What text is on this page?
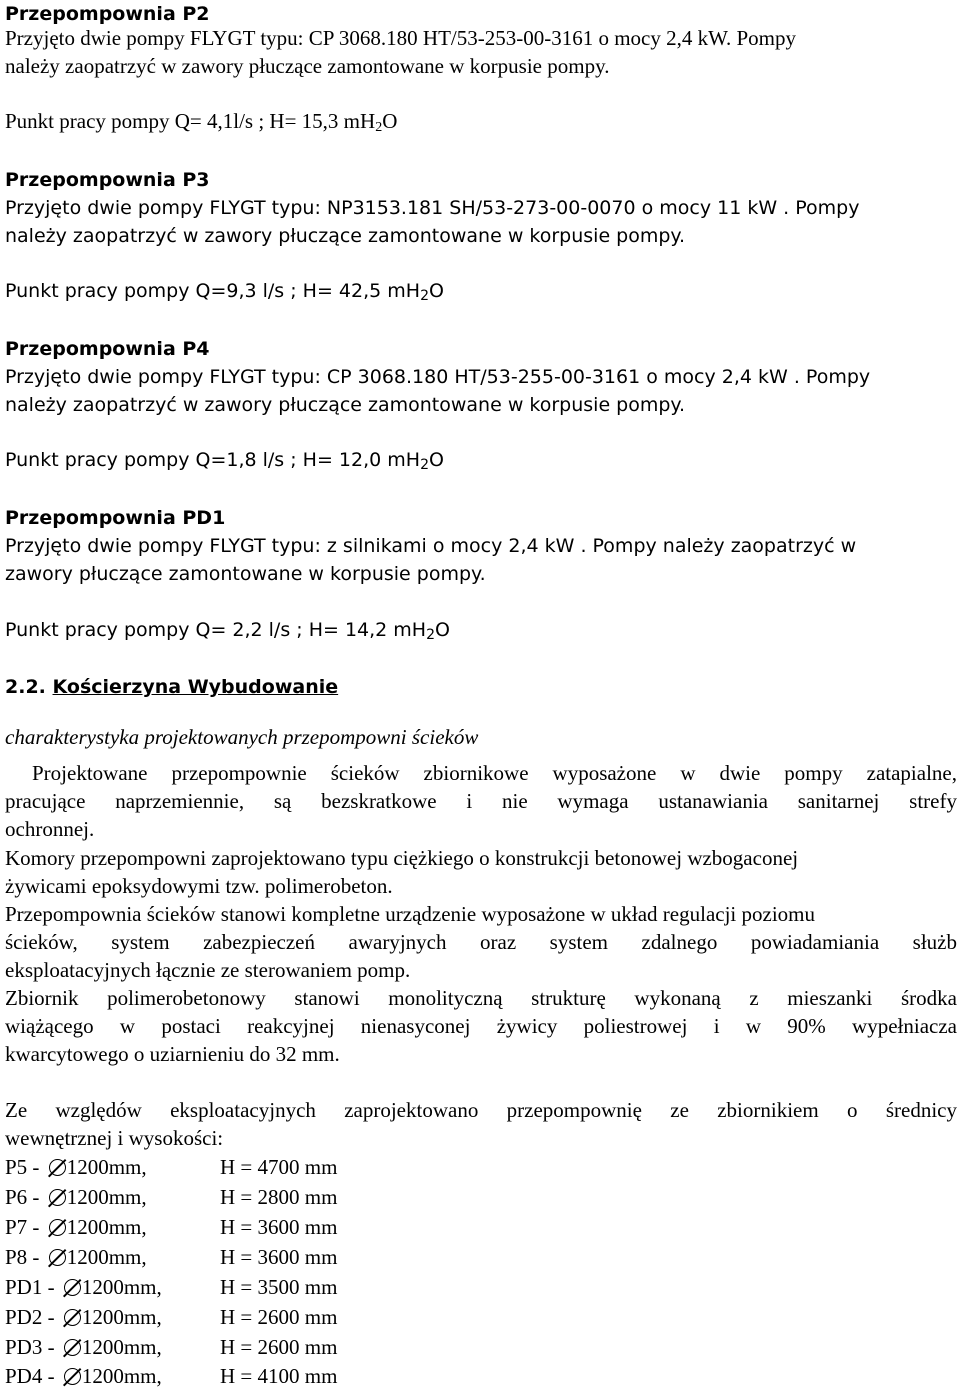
Przepompownia P2
Przyjęto dwie pompy FLYGT typu: CP 3068.180 HT/53-253-00-3161 o mocy 2,4 kW. Pompy
należy zaopatrzyć w zawory płuczące zamontowane w korpusie pompy.
Punkt pracy pompy Q= 4,1l/s ; H= 15,3 $mH_2O$
Przepompownia P3
Przyjęto dwie pompy FLYGT typu: NP3153.181 SH/53-273-00-0070 o mocy 11 kW . Pompy
należy zaopatrzyć w zawory płuczące zamontowane w korpusie pompy.
Punkt pracy pompy Q=9,3 l/s ; H= 42,5 $mH_2O$
Przepompownia P4
Przyjęto dwie pompy FLYGT typu: CP 3068.180 HT/53-255-00-3161 o mocy 2,4 kW . Pompy
należy zaopatrzyć w zawory płuczące zamontowane w korpusie pompy.
Punkt pracy pompy Q=1,8 l/s ; H= 12,0 $mH_2O$
Przepompownia PD1
Przyjęto dwie pompy FLYGT typu: z silnikami o mocy 2,4 kW . Pompy należy zaopatrzyć w
zawory płuczące zamontowane w korpusie pompy.
Punkt pracy pompy Q= 2,2 l/s ; H= 14,2 $mH_2O$
2.2. Kościerzyna Wybudowanie
charakterystyka projektowanych przepompowni ścieków
Projektowane przepompownie ścieków zbiornikowe wyposażone w dwie pompy zatapialne,
pracujące naprzemiennie, są bezskratkowe i nie wymaga ustanawiania sanitarnej strefy
ochronnej.
Komory przepompowni zaprojektowano typu ciężkiego o konstrukcji betonowej wzbogaconej
żywicami epoksydowymi tzw. polimerobeton.
Przepompownia ścieków stanowi kompletne urządzenie wyposażone w układ regulacji poziomu
ścieków, system zabezpieczeń awaryjnych oraz system zdalnego powiadamiania służb
eksploatacyjnych łącznie ze sterowaniem pomp.
Zbiornik polimerobetonowy stanowi monolityczną strukturę wykonaną z mieszanki środka
wiążącego w postaci reakcyjnej nienasyconej żywicy poliestrowej i w 90% wypełniacza
kwarcytowego o uziarnieniu do 32 mm.
Ze względów eksploatacyjnych zaprojektowano przepompownię ze zbiornikiem o średnicy
wewnętrznej i wysokości:
P5 - 1200mm,	H = 4700 mm
P6 - 1200mm,	H = 2800 mm
P7 - 1200mm,	H = 3600 mm
P8 - 1200mm,	H = 3600 mm
PD1 - 1200mm,	H = 3500 mm
PD2 - 1200mm,	H = 2600 mm
PD3 - 1200mm,	H = 2600 mm
PD4 - 1200mm,	H = 4100 mm
